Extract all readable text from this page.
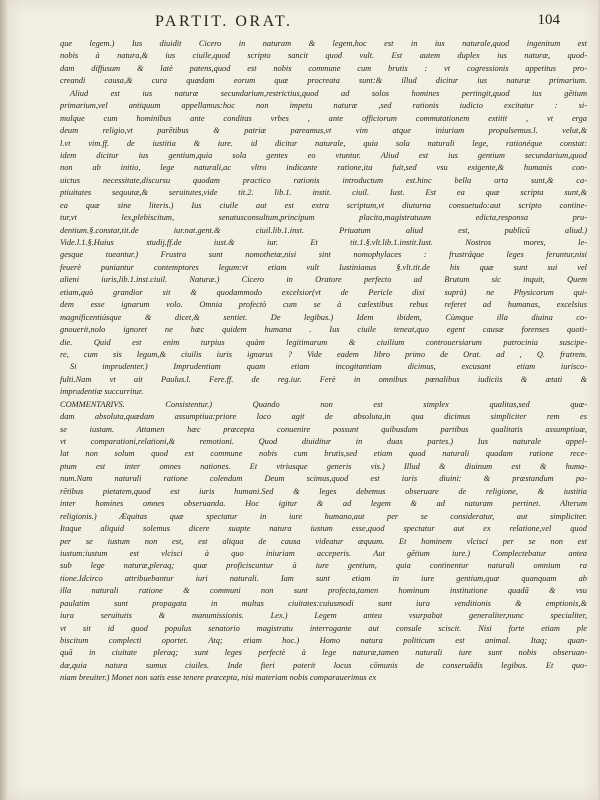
PARTIT. ORAT.	104
que legem.) Ius diuidit Cicero in naturam & legem,hoc est in ius naturale,quod ingenitum est
nobis à natura,& ius ciuile,quod scripto sancit quod vult. Est autem duplex ius naturæ, quod-
dam diffusum & latè patens,quod est nobis commune cum brutis : vt cogressionis appetitus pro-
creandi causa,& cura quædam eorum quæ procreata sunt:& illud dicitur ius naturæ primarium.
Aliud est ius naturæ secundarium,restrictius,quod ad solos homines pertingit,quod ius gētium
primarium,vel antiquum appellamus:hoc non impetu naturæ ,sed rationis iudicio excitatur : si-
mulque cum hominibus ante conditas vrbes , ante officiorum commutationem extitit , vt erga
deum religio,vt parētibus & patriæ pareamus,vt vim atque iniuriam propulsemus.l. velut,&
l.vt vim.ff. de iustitia & iure. id dicitur naturale, quia sola naturali lege, rationéque constat:
idem dicitur ius gentium,quia sola gentes eo vtuntur. Aliud est ius gentium secundarium,quod
non ab initio, lege naturali,ac vltro indicante ratione,ita fuit,sed vsu exigente,& humanis con-
uictus necessitate,discursu quodam practico rationis introductum est.hinc bella orta sunt,& ca-
ptiuitates sequutæ,& seruitutes,vide tit.2. lib.1. instit. ciuil. Iust. Est ea quæ scripta sunt,&
ea quæ sine literis.) Ius ciuile aut est extra scriptum,vt diuturna consuetudo:aut scripto contine-
tur,vt lex,plebiscitum, senatusconsultum,principum placita,magistratuum edicta,responsa pru-
dentium.§.constat,tit.de iur.nat.gent.& ciuil.lib.1.inst. Priuatum aliud est, publicū aliud.)
Vide.l.1.§.Huius studij.ff.de iust.& iur. Et tit.1.§.vlt.lib.1.instit.Iust. Nostros mores, le-
gesque tueantur.) Frustra sunt nomothetæ,nisi sint nomophylaces : frustráque leges feruntur,nisi
feuerè puniantur contemptores legum:vt etiam vult Iustinianus §.vlt.tit.de his quæ sunt sui vel
alieni iuris,lib.1.inst.ciuil. Naturæ.) Cicero in Oratore perfecto ad Brutum sic inquit, Quem
etiam,quò grandior sit & quodammodo excelsior(vt de Pericle dixi suprà) ne Physicorum qui-
dem esse ignarum volo. Omnia profectò cum se à cælestibus rebus referet ad humanas, excelsius
magnificentiúsque & dicet,& sentiet. De legibus.) Idem ibidem, Cùmque illa diuina co-
gnouerit,nolo ignoret ne hæc quidem humana . Ius ciuile teneat,quo egent causæ forenses quoti-
die. Quid est enim turpius quàm legitimarum & ciuilium controuersiarum patrocinia suscipe-
re, cum sis legum,& ciuilis iuris ignarus ? Vide eadem libro primo de Orat. ad , Q. fratrem.
Si imprudenter.) Imprudentiam quam etiam incogitantiam dicimus, excusant etiam iurisco-
fulti.Nam vt ait Paulus.l. Fere.ff. de reg.iur. Ferè in omnibus pœnalibus iudiciis & ætati &
imprudentiæ succurritur.
COMMENTARIVS. Consistentur.) Quando non est simplex qualitas,sed quæ-
dam absoluta,quædam assumptiua:priore loco agit de absoluta,in qua dicimus simpliciter rem es
se iustam. Attamen hæc præcepta conuenire possunt quibusdam partibus qualitatis assumptiuæ,
vt comparationi,relationi,& remotioni. Quod diuiditur in duas partes.) Ius naturale appel-
lat non solum quod est commune nobis cum brutis,sed etiam quod naturali quadam ratione rece-
ptum est inter omnes nationes. Et vtriusque generis vis.) Illud & diuinum est & huma-
num.Nam naturali ratione colendum Deum scimus,quod est iuris diuini: & præstandum pa-
rētibus pietatem,quod est iuris humani.Sed & leges debemus obseruare de religione, & iustitia
inter homines omnes obseruanda. Hoc igitur & ad legem & ad naturam pertinet. Alterum
religionis.) Æquitas quæ spectatur in iure humano,aut per se consideratur, aut simpliciter.
Itaque aliquid solemus dicere suapte natura iustum esse,quod spectatur aut ex relatione,vel quod
per se iustum non est, est aliqua de causa videatur æquum. Et hominem vlcisci per se non est
iustum:iustum est vlcisci à quo iniuriam acceperis. Aut gētium iure.) Complectebatur antea
sub lege naturæ,pleraq; quæ proficiscuntur à iure gentium, quia continentur naturali omnium ra
tione.Idcirco attribuebantur iuri naturali. Iam sunt etiam in iure gentium,quæ quanquam ab
illa naturali ratione & communi non sunt profecta,tamen hominum institutione quadā & vsu
paulatim sunt propagata in multas ciuitates:cuiusmodi sunt iura venditionis & emptionis,&
iura seruitutis & manumissionis. Lex.) Legem antea vsurpabat generaliter,nunc specialiter,
vt sit id quod populus senatorio magistratu interrogante aut consule sciscit. Nisi forte etiam ple
biscitum complecti oportet. Atq; etiam hoc.) Homo natura politicum est animal. Itaq; quan-
quā in ciuitate pleraq; sunt leges perfectè à lege naturæ,tamen naturali iure sunt nobis obseruan-
dæ,quia natura sumus ciuiles. Inde fieri poterit locus cōmunis de conseruādis legibus. Et quo-
niam breuiter.) Monet non satis esse tenere præcepta, nisi materiam nobis comparauerimus ex
